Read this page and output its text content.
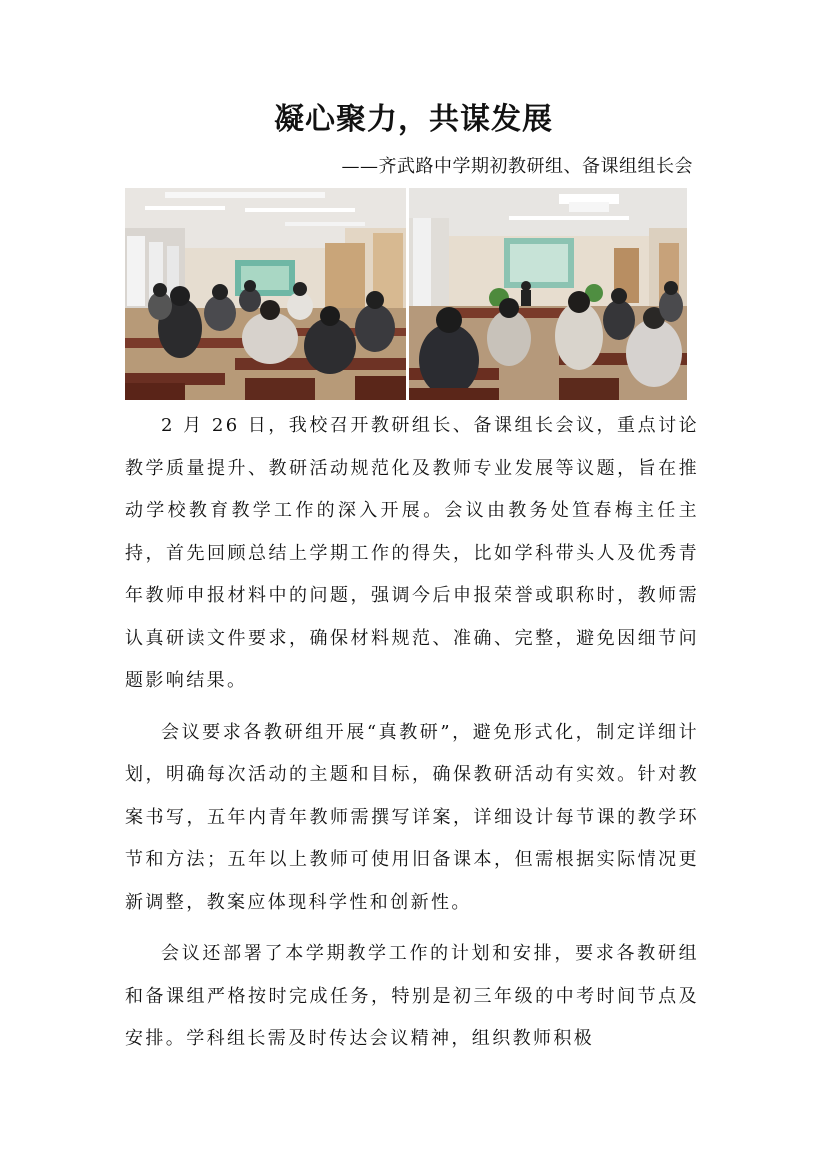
凝心聚力，共谋发展
——齐武路中学期初教研组、备课组组长会

2 月 26 日，我校召开教研组长、备课组长会议，重点讨论教学质量提升、教研活动规范化及教师专业发展等议题，旨在推动学校教育教学工作的深入开展。会议由教务处笪春梅主任主持，首先回顾总结上学期工作的得失，比如学科带头人及优秀青年教师申报材料中的问题，强调今后申报荣誉或职称时，教师需认真研读文件要求，确保材料规范、准确、完整，避免因细节问题影响结果。

会议要求各教研组开展“真教研”，避免形式化，制定详细计划，明确每次活动的主题和目标，确保教研活动有实效。针对教案书写，五年内青年教师需撰写详案，详细设计每节课的教学环节和方法；五年以上教师可使用旧备课本，但需根据实际情况更新调整，教案应体现科学性和创新性。

会议还部署了本学期教学工作的计划和安排，要求各教研组和备课组严格按时完成任务，特别是初三年级的中考时间节点及安排。学科组长需及时传达会议精神，组织教师积极
